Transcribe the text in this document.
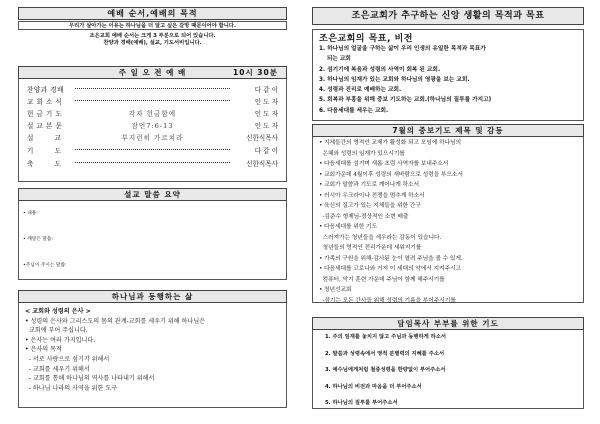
예배 순서,예배의 목적
우리가 살아가는 이유는 하나님을 더 알고 싶은 갈망 때문이어야 합니다.
조은교회 예배 순서는 크게 3 부분으로 되어 있습니다.
찬양과 경배(예배), 설교, 기도서비입니다.
주 일 오 전 예 배	10시 30분
찬양과 경배	다 같 이
교 회 소 식	인 도 자
헌 금 기 도	각자 헌금함에	인 도 자
설 교 본 문	잠언7:6-13	인 도 자
설        교	부지런히 가르치라	신한식목사
기        도	다 같 이
축        도	신한식목사
설교 말씀 요약
• 내용:
• 깨달은 말씀:
•주님이 주시는 말씀:
하나님과 동행하는 삶
< 교회와 성령의 은사 >
• 성령의 은사와 그리스도의 몸의 관계-교회를 세우기 위해 하나님은
교회에 부어 주십니다.
• 은사는 여러 가지입니다.
• 은사의 목적
- 서로 사랑으로 섬기기 위해서
- 교회를 세우기 위해서
- 교회를 통해 하나님의 역사를 나타내기 위해서
- 하나님 나라의 사역을 위한 도구
조은교회가 추구하는 신앙 생활의 목적과 목표
조은교회의 목표, 비전
1. 하나님의 얼굴을 구하는 삶이 우리 인생의 유일한 목적과 목표가
되는 교회
2. 섬기기에 복음과 성령의 사역이 회복 된 교회.
3. 하나님의 임재가 있는 교회와 하나님의 영광을 보는 교회.
4. 성령과 진리로 예배하는 교회.
5. 회복과 부흥을 위해 중보 기도하는 교회.(하나님의 질투를 가지고)
6. 다음세대를 세우는 교회.
7월의 중보기도 제목 및 감동
• 지체들간의 영적인 교제가 활성화 되고 모임에 하나님의
은혜와 성령의 임재가 있으시기를
• 다음세대를 섬기며 새롭 초럼 사역자를 보내주소서
• 교회가운데 4월이후 성령의 새바람으로 성령을 부으소서
• 교회가 말씀과 기도로 깨어나게 하소서
• 러시아 우크라이나 전쟁을 멈추게 하소서
• 육신의 질고가 있는 지체들을 위한 간구
-김준수 형제님-경상적인 소변 배출
• 다음세대를 위한 기도
스러져가는 청년들을 세우라는 감동이 있습니다.
청년들의 영적인 전리가운데 세워지기를
• 가족의 구원을 위해-감사된 눈이 열려 주님을 볼 수 있게.
• 다음세대를 코로나와 거저 이 세대의 악에서 지켜주시고
컴퓨터, 악기 훈련 가운데 주님이 함께 해주시기를
• 청년선교회
-섬기는 모든 간사들 위해 성령의 기름을 부어주시기를
담임목사 부부를 위한 기도
1. 주의 임재를 놓치지 않고 주님과 동행하게 하소서
2. 말씀과 성령속에서 영적 분별력의 지혜를 주소서
3. 예수님에게처럼 철중성령을 한량없이 부어주소서
4. 하나님의 비전과 마음을 더 부어주소서
5. 하나님의 질투를 부어주소서
